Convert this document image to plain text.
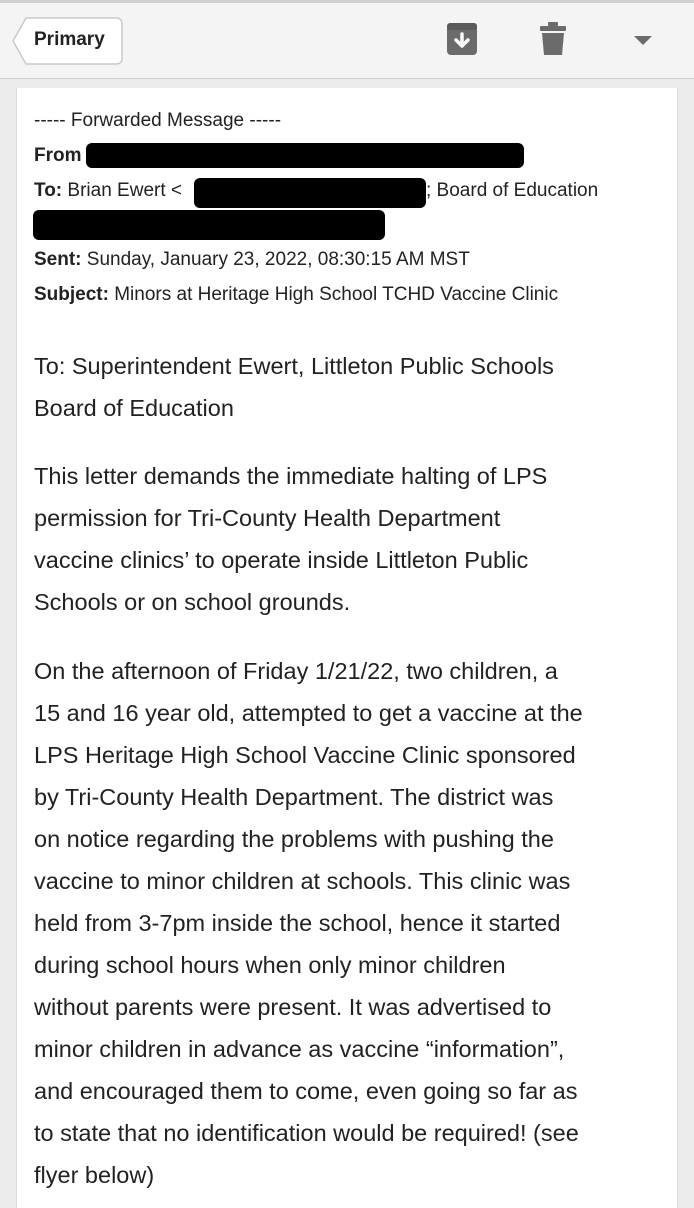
Primary
----- Forwarded Message -----
From
To: Brian Ewert <	; Board of Education
Sent: Sunday, January 23, 2022, 08:30:15 AM MST
Subject: Minors at Heritage High School TCHD Vaccine Clinic

To: Superintendent Ewert, Littleton Public Schools

Board of Education

This letter demands the immediate halting of LPS

permission for Tri-County Health Department

vaccine clinics’ to operate inside Littleton Public

Schools or on school grounds.

On the afternoon of Friday 1/21/22, two children, a

15 and 16 year old, attempted to get a vaccine at the

LPS Heritage High School Vaccine Clinic sponsored

by Tri-County Health Department. The district was

on notice regarding the problems with pushing the

vaccine to minor children at schools. This clinic was

held from 3-7pm inside the school, hence it started

during school hours when only minor children

without parents were present. It was advertised to

minor children in advance as vaccine “information”,

and encouraged them to come, even going so far as

to state that no identification would be required! (see

flyer below)
